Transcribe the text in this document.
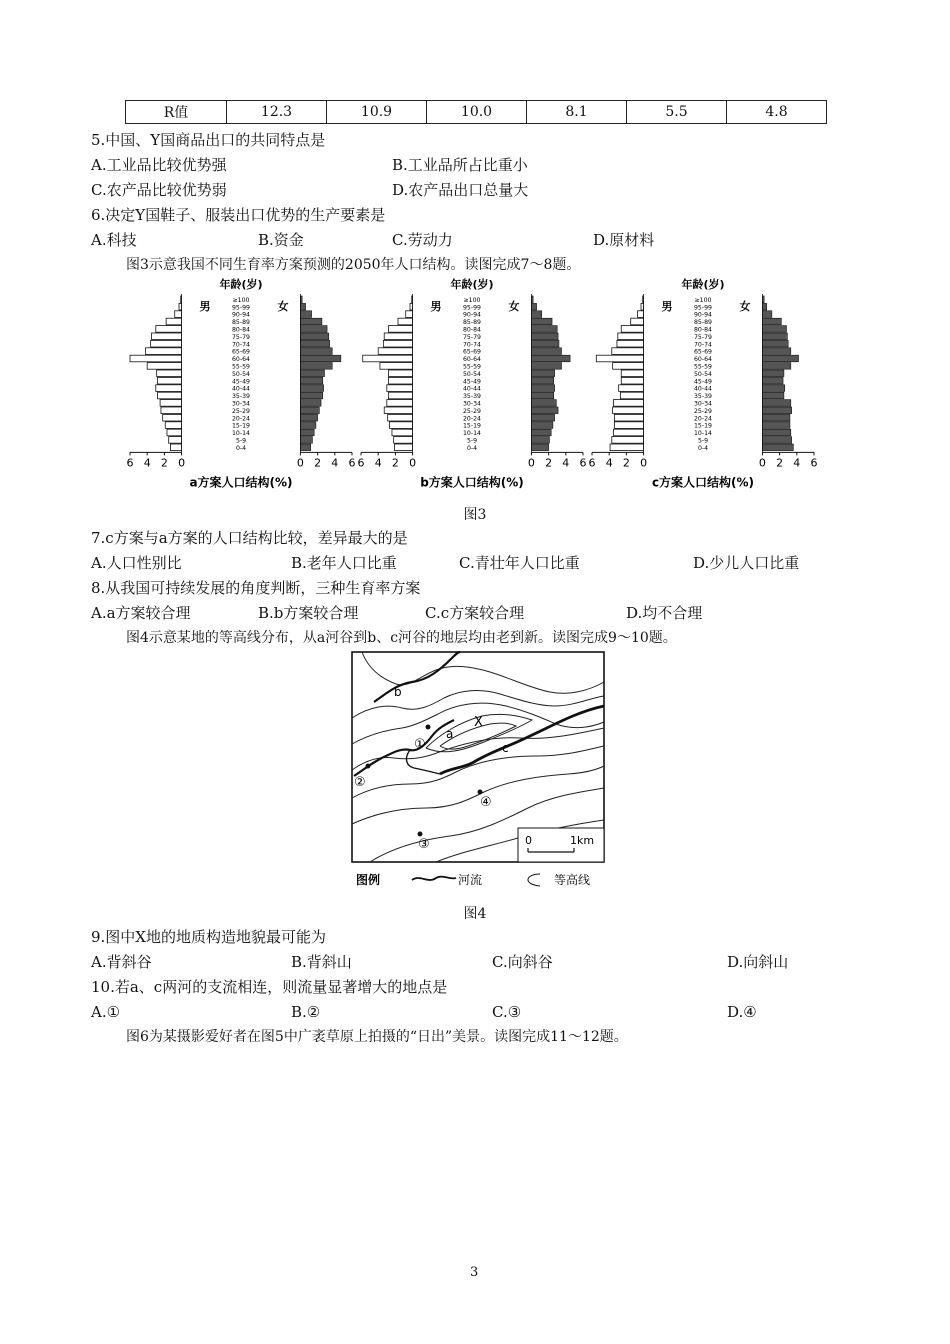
R值	12.3	10.9	10.0	8.1	5.5	4.8
5.中国、Y国商品出口的共同特点是
A.工业品比较优势强	B.工业品所占比重小
C.农产品比较优势弱	D.农产品出口总量大
6.决定Y国鞋子、服装出口优势的生产要素是
A.科技	B.资金	C.劳动力	D.原材料
图3示意我国不同生育率方案预测的2050年人口结构。读图完成7～8题。
年龄(岁)
男	女
≥100
95-99
90-94
85-89
80-84
75-79
70-74
65-69
60-64
55-59
50-54
45-49
40-44
35-39
30-34
25-29
20-24
15-19
10-14
5-9
0-4
6 4 2 0	0 2 4 6
a方案人口结构(%)
年龄(岁)
男	女
≥100
95-99
90-94
85-89
80-84
75-79
70-74
65-69
60-64
55-59
50-54
45-49
40-44
35-39
30-34
25-29
20-24
15-19
10-14
5-9
0-4
6 4 2 0	0 2 4 6
b方案人口结构(%)
年龄(岁)
男	女
≥100
95-99
90-94
85-89
80-84
75-79
70-74
65-69
60-64
55-59
50-54
45-49
40-44
35-39
30-34
25-29
20-24
15-19
10-14
5-9
0-4
6 4 2 0	0 2 4 6
c方案人口结构(%)
图3
7.c方案与a方案的人口结构比较，差异最大的是
A.人口性别比	B.老年人口比重	C.青壮年人口比重	D.少儿人口比重
8.从我国可持续发展的角度判断，三种生育率方案
A.a方案较合理	B.b方案较合理	C.c方案较合理	D.均不合理
图4示意某地的等高线分布，从a河谷到b、c河谷的地层均由老到新。读图完成9～10题。
b
a
c
X
①
②
③
④
0	1km
图例	河流	等高线
图4
9.图中X地的地质构造地貌最可能为
A.背斜谷	B.背斜山	C.向斜谷	D.向斜山
10.若a、c两河的支流相连，则流量显著增大的地点是
A.①	B.②	C.③	D.④
图6为某摄影爱好者在图5中广袤草原上拍摄的“日出”美景。读图完成11～12题。
3
